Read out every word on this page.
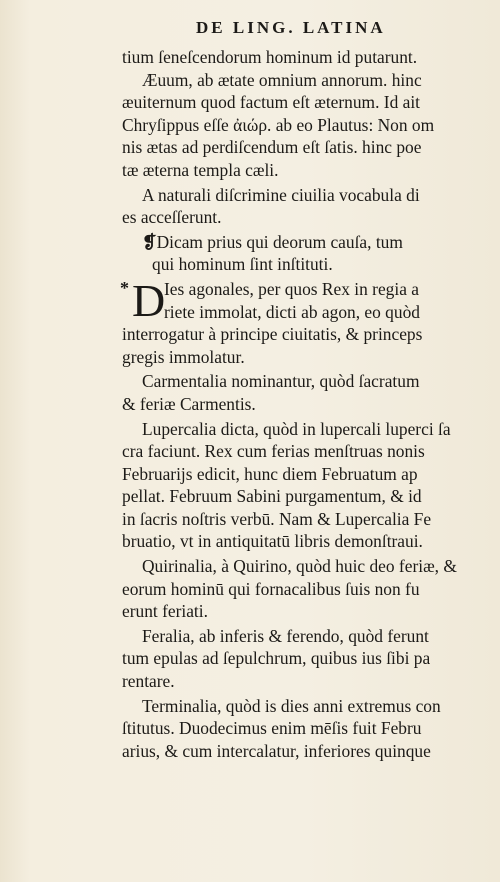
DE LING. LATINA
tium ſeneſcendorum hominum id putarunt.
Æuum, ab ætate omnium annorum. hinc
æuiternum quod factum eſt æternum. Id ait
Chryſippus eſſe ἀιώρ. ab eo Plautus: Non om
nis ætas ad perdiſcendum eſt ſatis. hinc poe
tæ æterna templa cæli.
A naturali diſcrimine ciuilia vocabula di
es acceſſerunt.
❡Dicam prius qui deorum cauſa, tum
qui hominum ſint inſtituti.
* D
Ies agonales, per quos Rex in regia a
riete immolat, dicti ab agon, eo quòd
interrogatur à principe ciuitatis, & princeps
gregis immolatur.
Carmentalia nominantur, quòd ſacratum
& feriæ Carmentis.
Lupercalia dicta, quòd in lupercali luperci ſa
cra faciunt. Rex cum ferias menſtruas nonis
Februarijs edicit, hunc diem Februatum ap
pellat. Februum Sabini purgamentum, & id
in ſacris noſtris verbū. Nam & Lupercalia Fe
bruatio, vt in antiquitatū libris demonſtraui.
Quirinalia, à Quirino, quòd huic deo feriæ, &
eorum hominū qui fornacalibus ſuis non fu
erunt feriati.
Feralia, ab inferis & ferendo, quòd ferunt
tum epulas ad ſepulchrum, quibus ius ſibi pa
rentare.
Terminalia, quòd is dies anni extremus con
ſtitutus. Duodecimus enim mēſis fuit Febru
arius, & cum intercalatur, inferiores quinque
